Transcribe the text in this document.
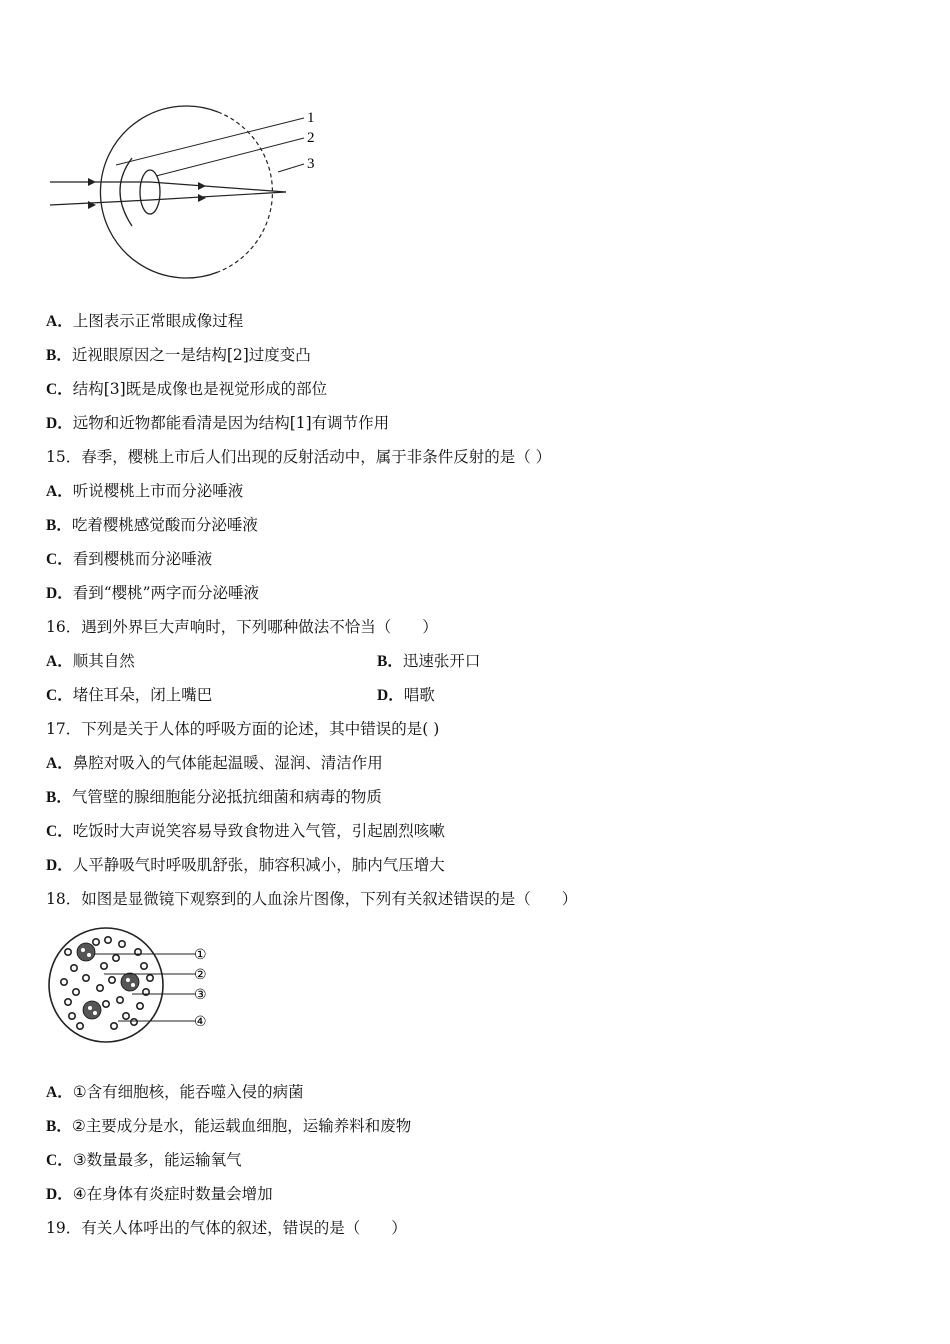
1
2
3
A．上图表示正常眼成像过程
B．近视眼原因之一是结构[2]过度变凸
C．结构[3]既是成像也是视觉形成的部位
D．远物和近物都能看清是因为结构[1]有调节作用
15．春季，樱桃上市后人们出现的反射活动中，属于非条件反射的是（ ）
A．听说樱桃上市而分泌唾液
B．吃着樱桃感觉酸而分泌唾液
C．看到樱桃而分泌唾液
D．看到“樱桃”两字而分泌唾液
16．遇到外界巨大声响时，下列哪种做法不恰当（　　）
A．顺其自然	B．迅速张开口
C．堵住耳朵，闭上嘴巴	D．唱歌
17．下列是关于人体的呼吸方面的论述，其中错误的是( )
A．鼻腔对吸入的气体能起温暖、湿润、清洁作用
B．气管壁的腺细胞能分泌抵抗细菌和病毒的物质
C．吃饭时大声说笑容易导致食物进入气管，引起剧烈咳嗽
D．人平静吸气时呼吸肌舒张，肺容积减小，肺内气压增大
18．如图是显微镜下观察到的人血涂片图像，下列有关叙述错误的是（　　）
①
②
③
④
A．①含有细胞核，能吞噬入侵的病菌
B．②主要成分是水，能运载血细胞，运输养料和废物
C．③数量最多，能运输氧气
D．④在身体有炎症时数量会增加
19．有关人体呼出的气体的叙述，错误的是（　　）
